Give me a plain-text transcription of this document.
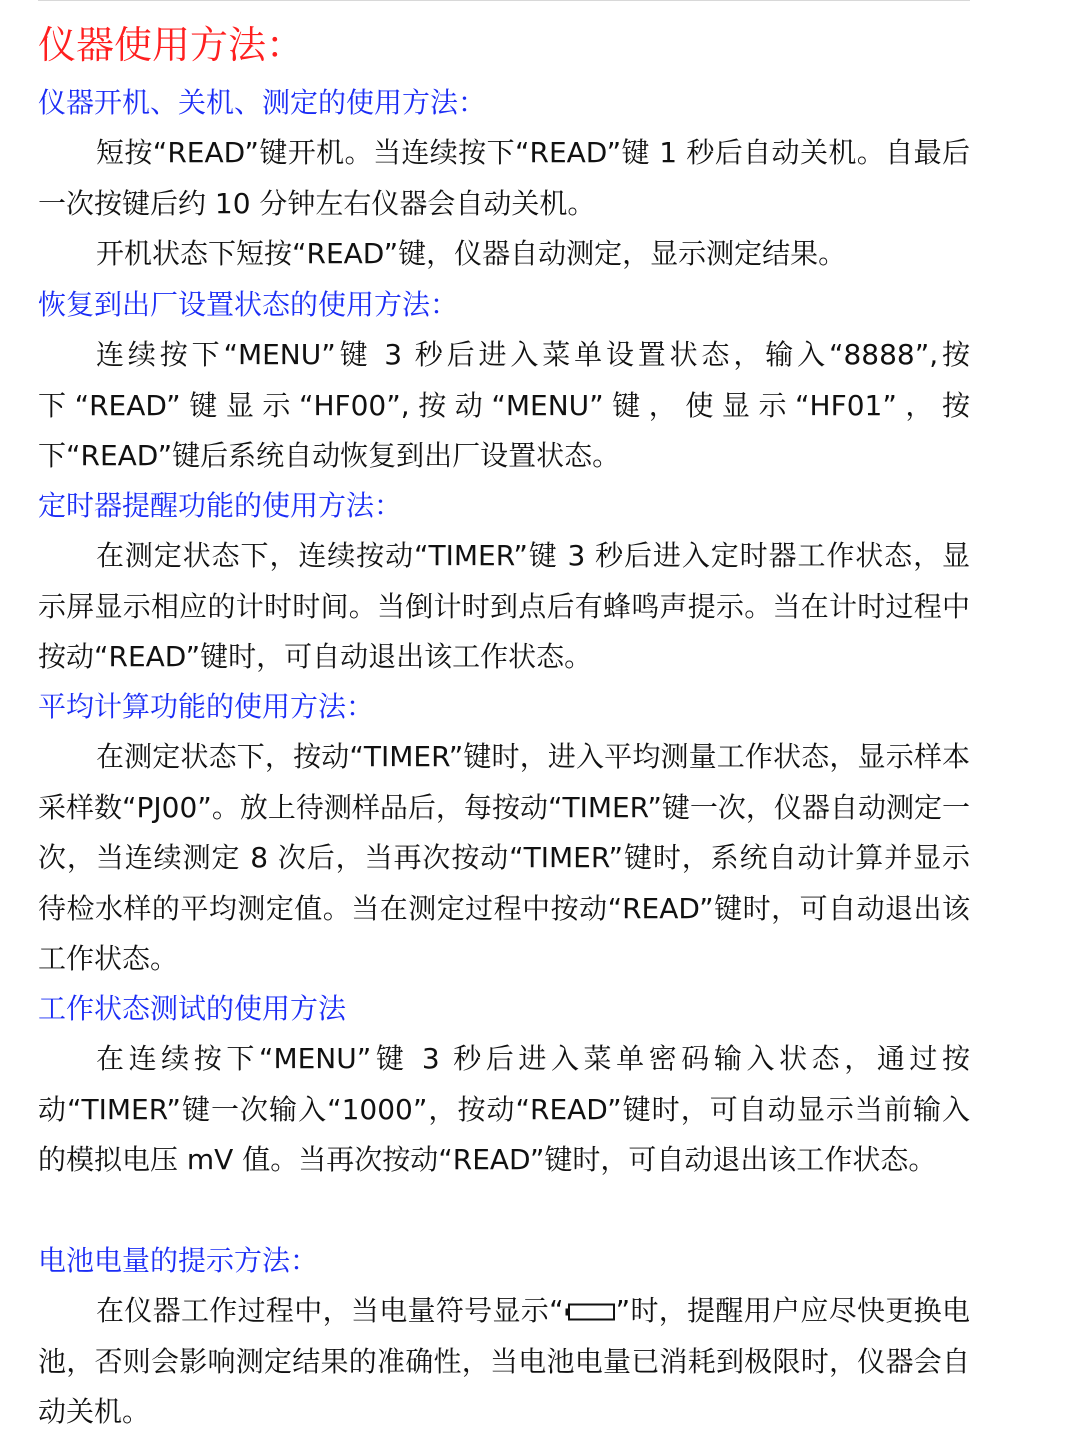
仪器使用方法：
仪器开机、关机、测定的使用方法：

短按“READ”键开机。当连续按下“READ”键 1 秒后自动关机。自最后一次按键后约 10 分钟左右仪器会自动关机。

开机状态下短按“READ”键，仪器自动测定，显示测定结果。

恢复到出厂设置状态的使用方法：

连续按下“MENU”键 3 秒后进入菜单设置状态，输入“8888”,按下“READ”键显示“HF00”,按动“MENU”键，使显示“HF01”，按下“READ”键后系统自动恢复到出厂设置状态。

定时器提醒功能的使用方法：

在测定状态下，连续按动“TIMER”键 3 秒后进入定时器工作状态，显示屏显示相应的计时时间。当倒计时到点后有蜂鸣声提示。当在计时过程中按动“READ”键时，可自动退出该工作状态。

平均计算功能的使用方法：

在测定状态下，按动“TIMER”键时，进入平均测量工作状态，显示样本采样数“PJ00”。放上待测样品后，每按动“TIMER”键一次，仪器自动测定一次，当连续测定 8 次后，当再次按动“TIMER”键时，系统自动计算并显示待检水样的平均测定值。当在测定过程中按动“READ”键时，可自动退出该工作状态。

工作状态测试的使用方法

在连续按下“MENU”键 3 秒后进入菜单密码输入状态，通过按动“TIMER”键一次输入“1000”，按动“READ”键时，可自动显示当前输入的模拟电压 mV 值。当再次按动“READ”键时，可自动退出该工作状态。

电池电量的提示方法：

在仪器工作过程中，当电量符号显示“ ”时，提醒用户应尽快更换电池，否则会影响测定结果的准确性，当电池电量已消耗到极限时，仪器会自动关机。
